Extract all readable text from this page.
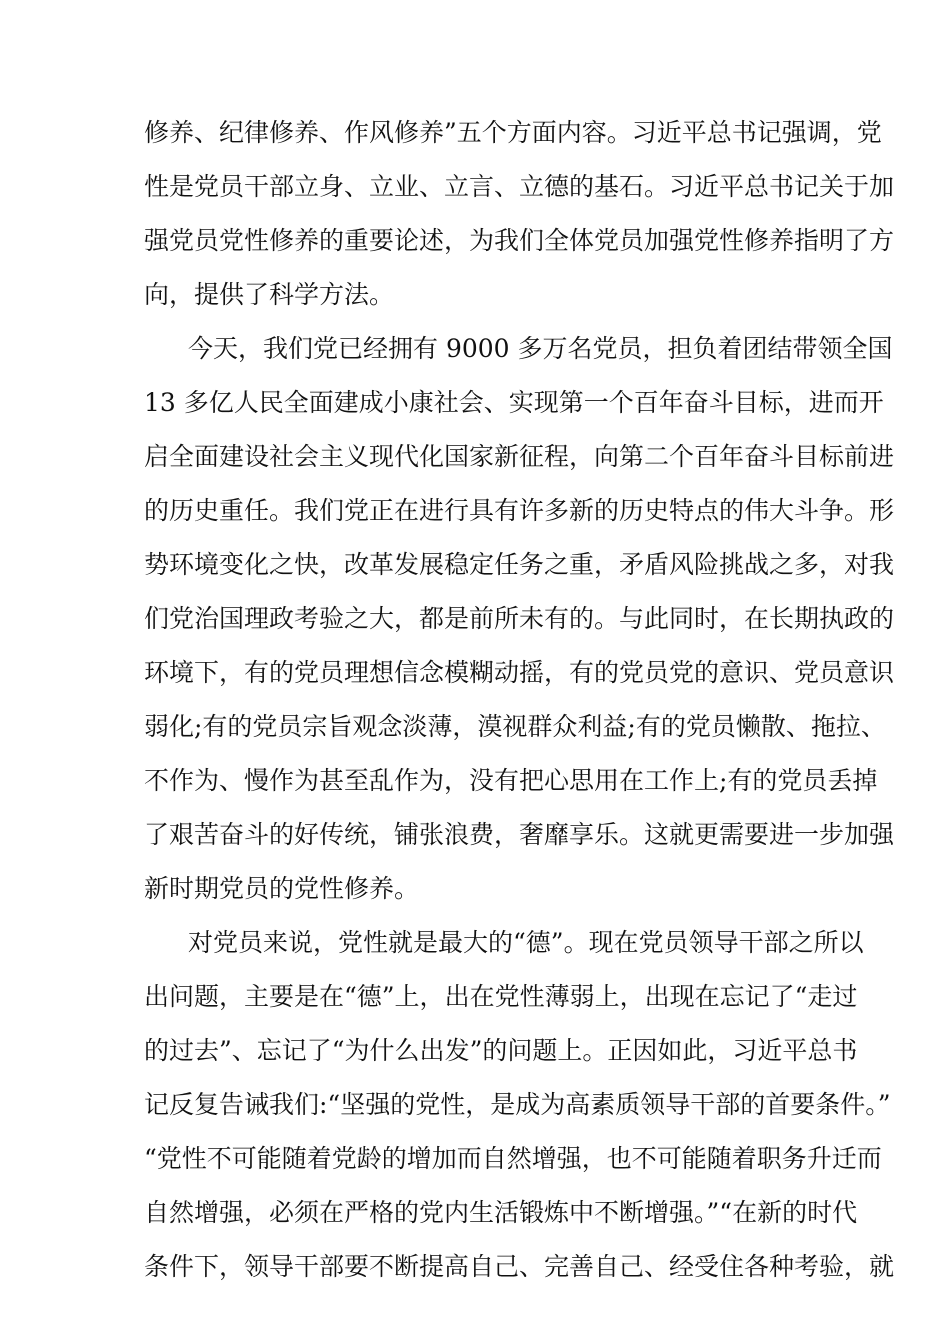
修养、纪律修养、作风修养”五个方面内容。习近平总书记强调，党
性是党员干部立身、立业、立言、立德的基石。习近平总书记关于加
强党员党性修养的重要论述，为我们全体党员加强党性修养指明了方
向，提供了科学方法。
今天，我们党已经拥有 9000 多万名党员，担负着团结带领全国
13 多亿人民全面建成小康社会、实现第一个百年奋斗目标，进而开
启全面建设社会主义现代化国家新征程，向第二个百年奋斗目标前进
的历史重任。我们党正在进行具有许多新的历史特点的伟大斗争。形
势环境变化之快，改革发展稳定任务之重，矛盾风险挑战之多，对我
们党治国理政考验之大，都是前所未有的。与此同时，在长期执政的
环境下，有的党员理想信念模糊动摇，有的党员党的意识、党员意识
弱化;有的党员宗旨观念淡薄，漠视群众利益;有的党员懒散、拖拉、
不作为、慢作为甚至乱作为，没有把心思用在工作上;有的党员丢掉
了艰苦奋斗的好传统，铺张浪费，奢靡享乐。这就更需要进一步加强
新时期党员的党性修养。
对党员来说，党性就是最大的“德”。现在党员领导干部之所以
出问题，主要是在“德”上，出在党性薄弱上，出现在忘记了“走过
的过去”、忘记了“为什么出发”的问题上。正因如此，习近平总书
记反复告诫我们:“坚强的党性，是成为高素质领导干部的首要条件。”
“党性不可能随着党龄的增加而自然增强，也不可能随着职务升迁而
自然增强，必须在严格的党内生活锻炼中不断增强。”“在新的时代
条件下，领导干部要不断提高自己、完善自己、经受住各种考验，就
